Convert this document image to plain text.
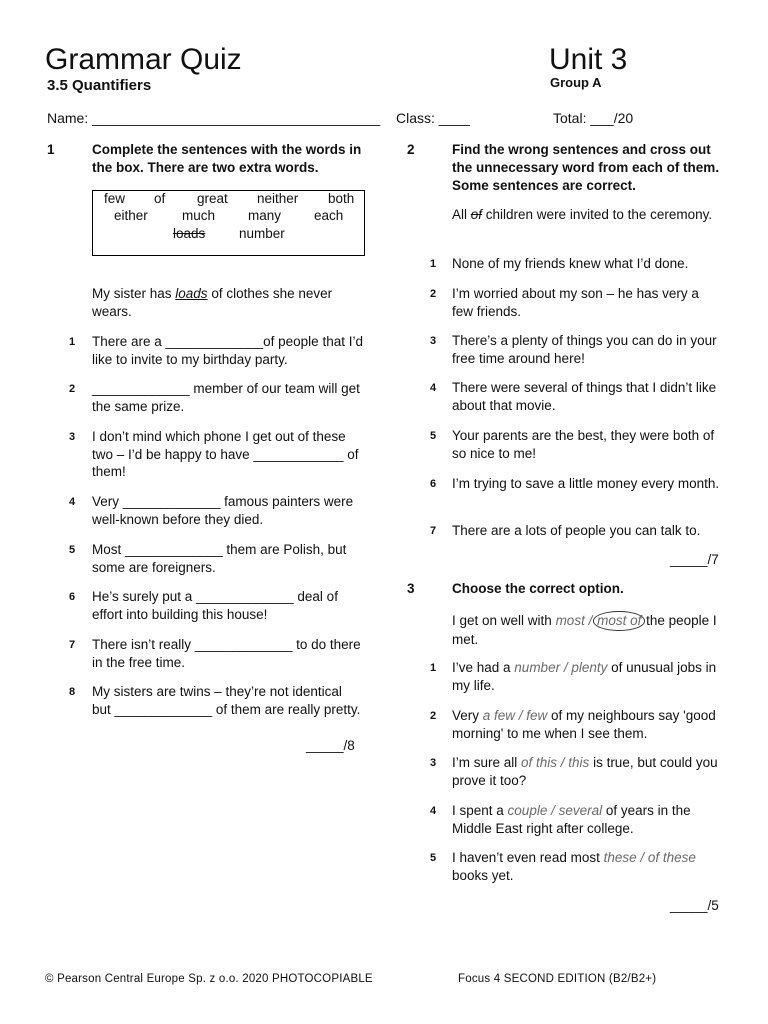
Grammar Quiz
3.5 Quantifiers
Unit 3
Group A
Name: _____________________________________ Class: ____	Total: ___/20
1	Complete the sentences with the words in the box. There are two extra words.
few of great neither both
either	much many each
loads number
My sister has loads of clothes she never wears.
1 There are a _____________of people that I’d like to invite to my birthday party.
2 _____________ member of our team will get the same prize.
3 I don’t mind which phone I get out of these two – I’d be happy to have ____________ of them!
4 Very _____________ famous painters were well-known before they died.
5 Most _____________ them are Polish, but some are foreigners.
6 He’s surely put a _____________ deal of effort into building this house!
7 There isn’t really _____________ to do there in the free time.
8 My sisters are twins – they’re not identical but _____________ of them are really pretty.
_____/8
2	Find the wrong sentences and cross out the unnecessary word from each of them. Some sentences are correct.
All of children were invited to the ceremony.
1 None of my friends knew what I’d done.
2 I’m worried about my son – he has very a few friends.
3 There’s a plenty of things you can do in your free time around here!
4 There were several of things that I didn’t like about that movie.
5 Your parents are the best, they were both of so nice to me!
6 I’m trying to save a little money every month.
7 There are a lots of people you can talk to.
_____/7
3	Choose the correct option.
I get on well with most / most of the people I met.
1 I’ve had a number / plenty of unusual jobs in my life.
2 Very a few / few of my neighbours say 'good morning' to me when I see them.
3 I’m sure all of this / this is true, but could you prove it too?
4 I spent a couple / several of years in the Middle East right after college.
5 I haven’t even read most these / of these books yet.
_____/5
© Pearson Central Europe Sp. z o.o. 2020 PHOTOCOPIABLE	Focus 4 SECOND EDITION (B2/B2+)
